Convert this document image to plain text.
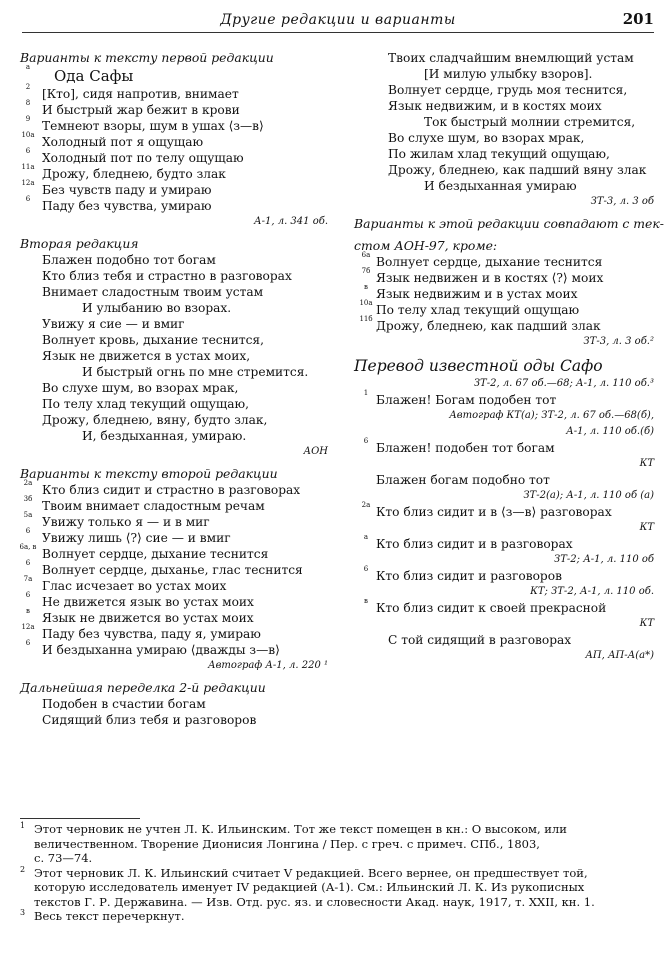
Другие редакции и варианты	201
Варианты к тексту первой редакции
а	Ода Сафы
2 [Кто], сидя напротив, внимает
8 И быстрый жар бежит в крови
9 Темнеют взоры, шум в ушах ⟨з—в⟩
10а Холодный пот я ощущаю
6 Холодный пот по телу ощущаю
11а Дрожу, бледнею, будто злак
12а Без чувств паду и умираю
6 Паду без чувства, умираю
А-1, л. 341 об.
Вторая редакция
Блажен подобно тот богам
Кто близ тебя и страстно в разговорах
Внимает сладостным твоим устам
И улыбанию во взорах.
Увижу я сие — и вмиг
Волнует кровь, дыхание теснится,
Язык не движется в устах моих,
И быстрый огнь по мне стремится.
Во слухе шум, во взорах мрак,
По телу хлад текущий ощущаю,
Дрожу, бледнею, вяну, будто злак,
И, бездыханная, умираю.
АОН
Варианты к тексту второй редакции
2а Кто близ сидит и страстно в разговорах
3б Твоим внимает сладостным речам
5а Увижу только я — и в миг
6 Увижу лишь ⟨?⟩ сие — и вмиг
6а, в Волнует сердце, дыхание теснится
6 Волнует сердце, дыханье, глас теснится
7а Глас исчезает во устах моих
6 Не движется язык во устах моих
в Язык не движется во устах моих
12а Паду без чувства, паду я, умираю
6 И бездыханна умираю ⟨дважды з—в⟩
Автограф А-1, л. 220 ¹
Дальнейшая переделка 2-й редакции
Подобен в счастии богам
Сидящий близ тебя и разговоров
Твоих сладчайшим внемлющий устам
[И милую улыбку взоров].
Волнует сердце, грудь моя теснится,
Язык недвижим, и в костях моих
Ток быстрый молнии стремится,
Во слухе шум, во взорах мрак,
По жилам хлад текущий ощущаю,
Дрожу, бледнею, как падший вяну злак
И бездыханная умираю
ЗТ-3, л. 3 об
Варианты к этой редакции совпадают с тек-
стом АОН-97, кроме:
6а Волнует сердце, дыхание теснится
7б Язык недвижен и в костях ⟨?⟩ моих
в Язык недвижим и в устах моих
10а По телу хлад текущий ощущаю
11б Дрожу, бледнею, как падший злак
ЗТ-3, л. 3 об.²
Перевод известной оды Сафо
ЗТ-2, л. 67 об.—68; А-1, л. 110 об.³
1 Блажен! Богам подобен тот
Автограф КТ(а); ЗТ-2, л. 67 об.—68(б),
А-1, л. 110 об.(б)
6 Блажен! подобен тот богам
КТ
Блажен богам подобно тот
ЗТ-2(а); А-1, л. 110 об (а)
2а Кто близ сидит и в ⟨з—в⟩ разговорах
КТ
а Кто близ сидит и в разговорах
ЗТ-2; А-1, л. 110 об
6 Кто близ сидит и разговоров
КТ; ЗТ-2, А-1, л. 110 об.
в Кто близ сидит к своей прекрасной
КТ
С той сидящий в разговорах
АП, АП-А(а*)
1 Этот черновик не учтен Л. К. Ильинским. Тот же текст помещен в кн.: О высоком, или
величественном. Творение Дионисия Лонгина / Пер. с греч. с примеч. СПб., 1803,
с. 73—74.
2 Этот черновик Л. К. Ильинский считает V редакцией. Всего вернее, он предшествует той,
которую исследователь именует IV редакцией (А-1). См.: Ильинский Л. К. Из рукописных
текстов Г. Р. Державина. — Изв. Отд. рус. яз. и словесности Акад. наук, 1917, т. XXII, кн. 1.
3 Весь текст перечеркнут.
